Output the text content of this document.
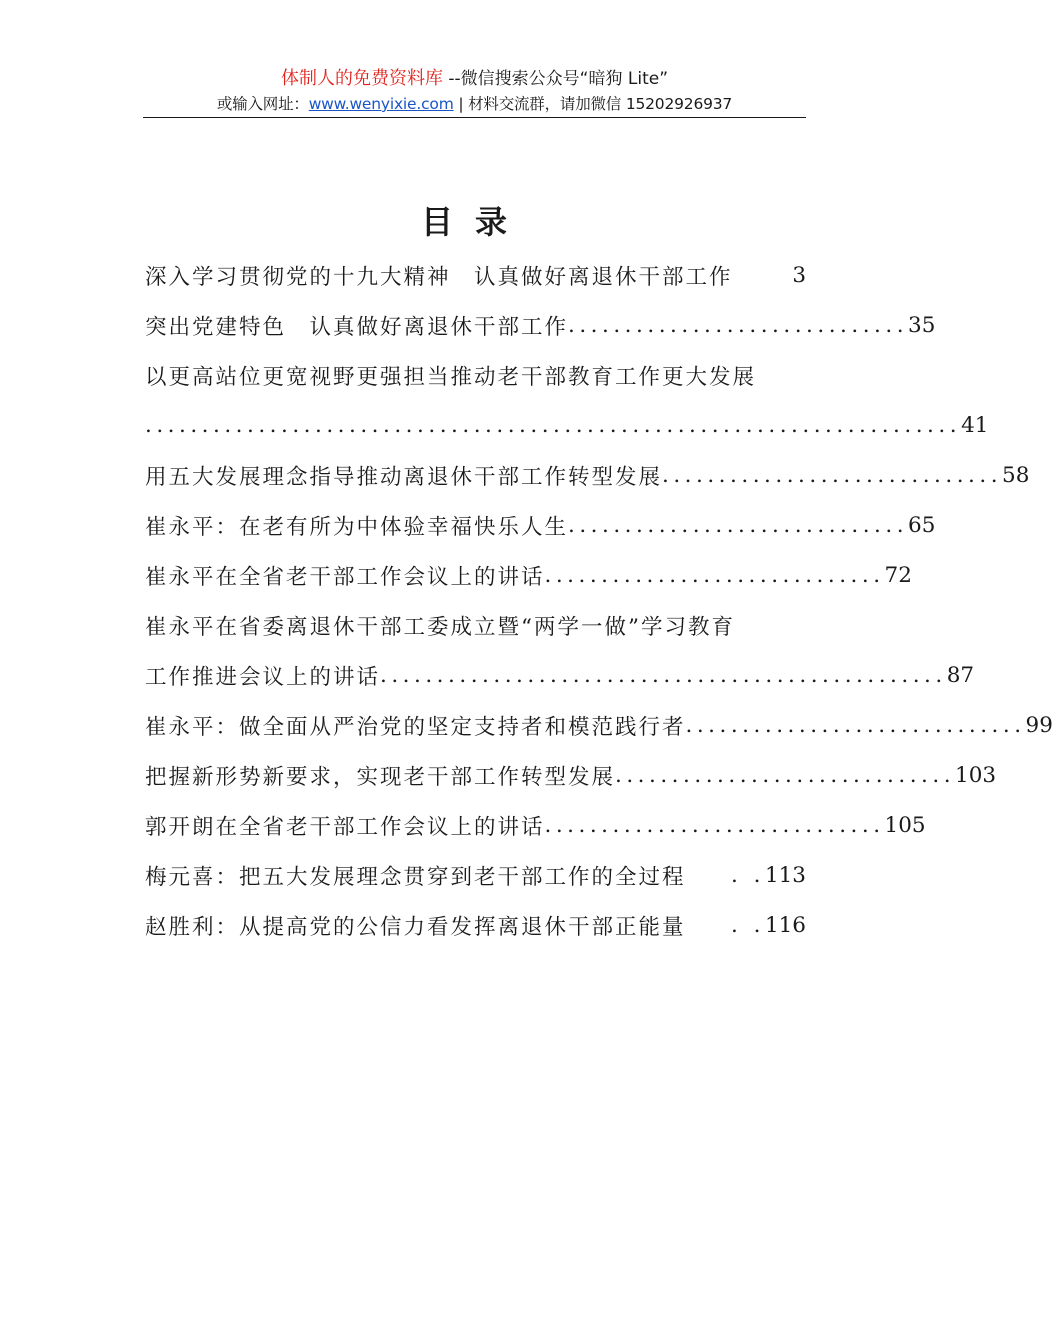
体制人的免费资料库 --微信搜索公众号“暗狗 Lite”
或输入网址：www.wenyixie.com | 材料交流群，请加微信 15202926937
目录
深入学习贯彻党的十九大精神　认真做好离退休干部工作 3
突出党建特色　认真做好离退休干部工作 .............................. 35
以更高站位更宽视野更强担当推动老干部教育工作更大发展
........................................................................ 41
用五大发展理念指导推动离退休干部工作转型发展 .............................. 58
崔永平：在老有所为中体验幸福快乐人生 .............................. 65
崔永平在全省老干部工作会议上的讲话 .............................. 72
崔永平在省委离退休干部工委成立暨“两学一做”学习教育
工作推进会议上的讲话 .................................................. 87
崔永平：做全面从严治党的坚定支持者和模范践行者 .............................. 99
把握新形势新要求，实现老干部工作转型发展 .............................. 103
郭开朗在全省老干部工作会议上的讲话 .............................. 105
梅元喜：把五大发展理念贯穿到老干部工作的全过程	. . 113
赵胜利：从提高党的公信力看发挥离退休干部正能量	. . 116
